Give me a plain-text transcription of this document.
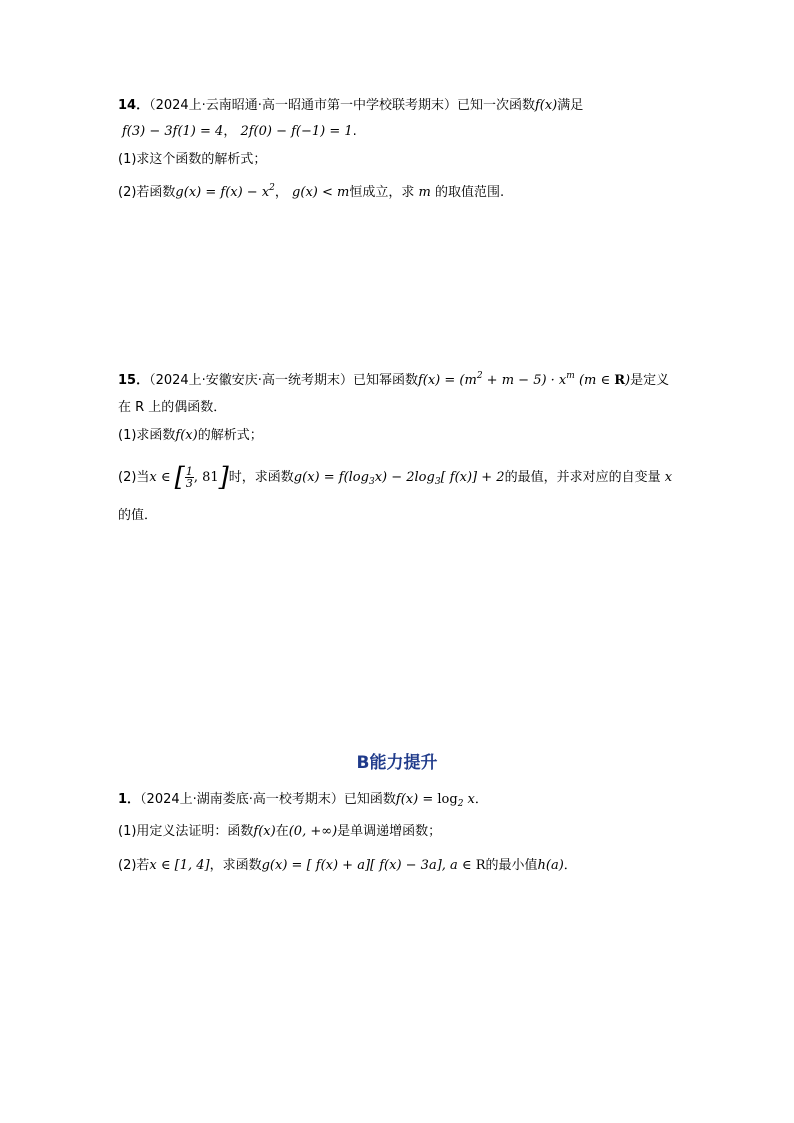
14．（2024上·云南昭通·高一昭通市第一中学校联考期末）已知一次函数f(x)满足
f(3) − 3f(1) = 4， 2f(0) − f(−1) = 1.
(1)求这个函数的解析式；
(2)若函数$g(x) = f(x) - x^2$， g(x) < m恒成立，求 m 的取值范围.
15．（2024上·安徽安庆·高一统考期末）已知幂函数$f(x) = (m^2 + m - 5) \cdot x^m$ (m ∈ R)是定义
在 R 上的偶函数．
(1)求函数f(x)的解析式；
(2)当x ∈ [ $\frac{1}{3}$ , 81]时，求函数$g(x) = f(\log_3x) - 2\log_3$[ f(x)] + 2的最值，并求对应的自变量 x
的值．
B能力提升
1．（2024上·湖南娄底·高一校考期末）已知函数$f(x) = \log_2 x$．
(1)用定义法证明：函数f(x)在(0, +∞)是单调递增函数；
(2)若x ∈ [1, 4]，求函数g(x) = [ f(x) + a][ f(x) − 3a], a ∈ R的最小值h(a)．
